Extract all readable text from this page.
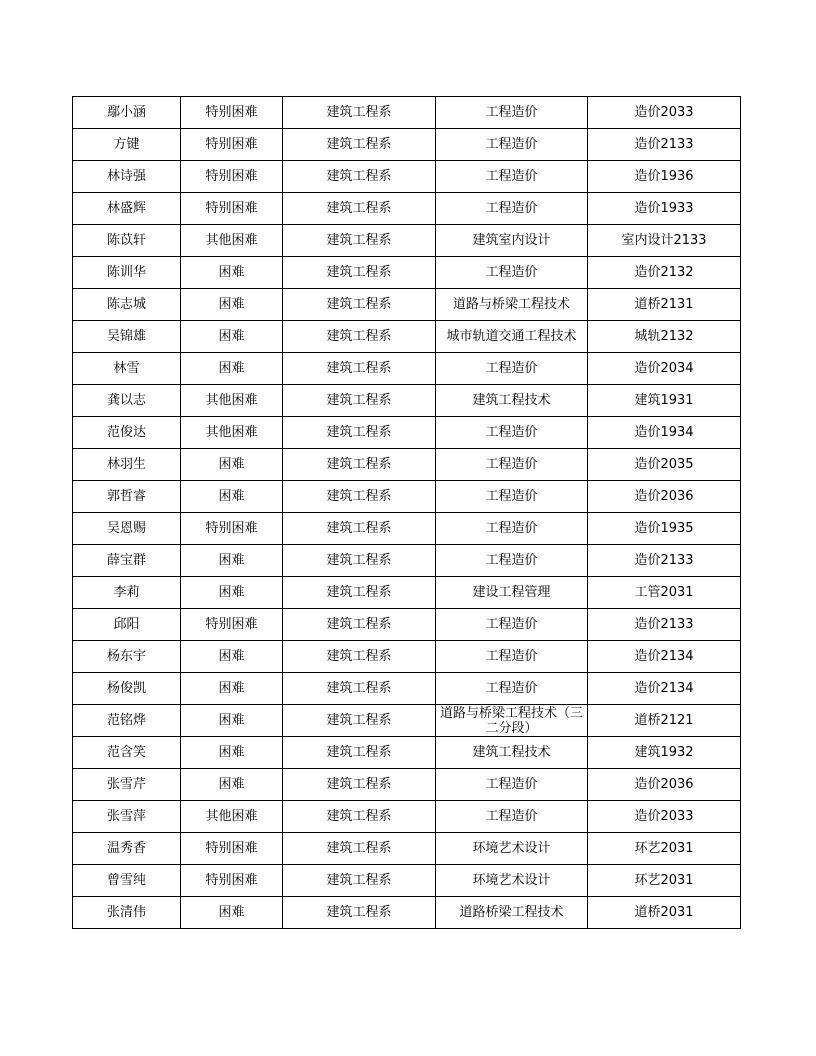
鄢小涵	特别困难	建筑工程系	工程造价	造价2033
方键	特别困难	建筑工程系	工程造价	造价2133
林诗强	特别困难	建筑工程系	工程造价	造价1936
林盛辉	特别困难	建筑工程系	工程造价	造价1933
陈苡轩	其他困难	建筑工程系	建筑室内设计	室内设计2133
陈训华	困难	建筑工程系	工程造价	造价2132
陈志城	困难	建筑工程系	道路与桥梁工程技术	道桥2131
吴锦雄	困难	建筑工程系	城市轨道交通工程技术	城轨2132
林雪	困难	建筑工程系	工程造价	造价2034
龚以志	其他困难	建筑工程系	建筑工程技术	建筑1931
范俊达	其他困难	建筑工程系	工程造价	造价1934
林羽生	困难	建筑工程系	工程造价	造价2035
郭哲睿	困难	建筑工程系	工程造价	造价2036
吴恩赐	特别困难	建筑工程系	工程造价	造价1935
薛宝群	困难	建筑工程系	工程造价	造价2133
李莉	困难	建筑工程系	建设工程管理	工管2031
邱阳	特别困难	建筑工程系	工程造价	造价2133
杨东宇	困难	建筑工程系	工程造价	造价2134
杨俊凯	困难	建筑工程系	工程造价	造价2134
范铭烨	困难	建筑工程系	道路与桥梁工程技术（三二分段）	道桥2121
范含笑	困难	建筑工程系	建筑工程技术	建筑1932
张雪芹	困难	建筑工程系	工程造价	造价2036
张雪萍	其他困难	建筑工程系	工程造价	造价2033
温秀香	特别困难	建筑工程系	环境艺术设计	环艺2031
曾雪纯	特别困难	建筑工程系	环境艺术设计	环艺2031
张清伟	困难	建筑工程系	道路桥梁工程技术	道桥2031
